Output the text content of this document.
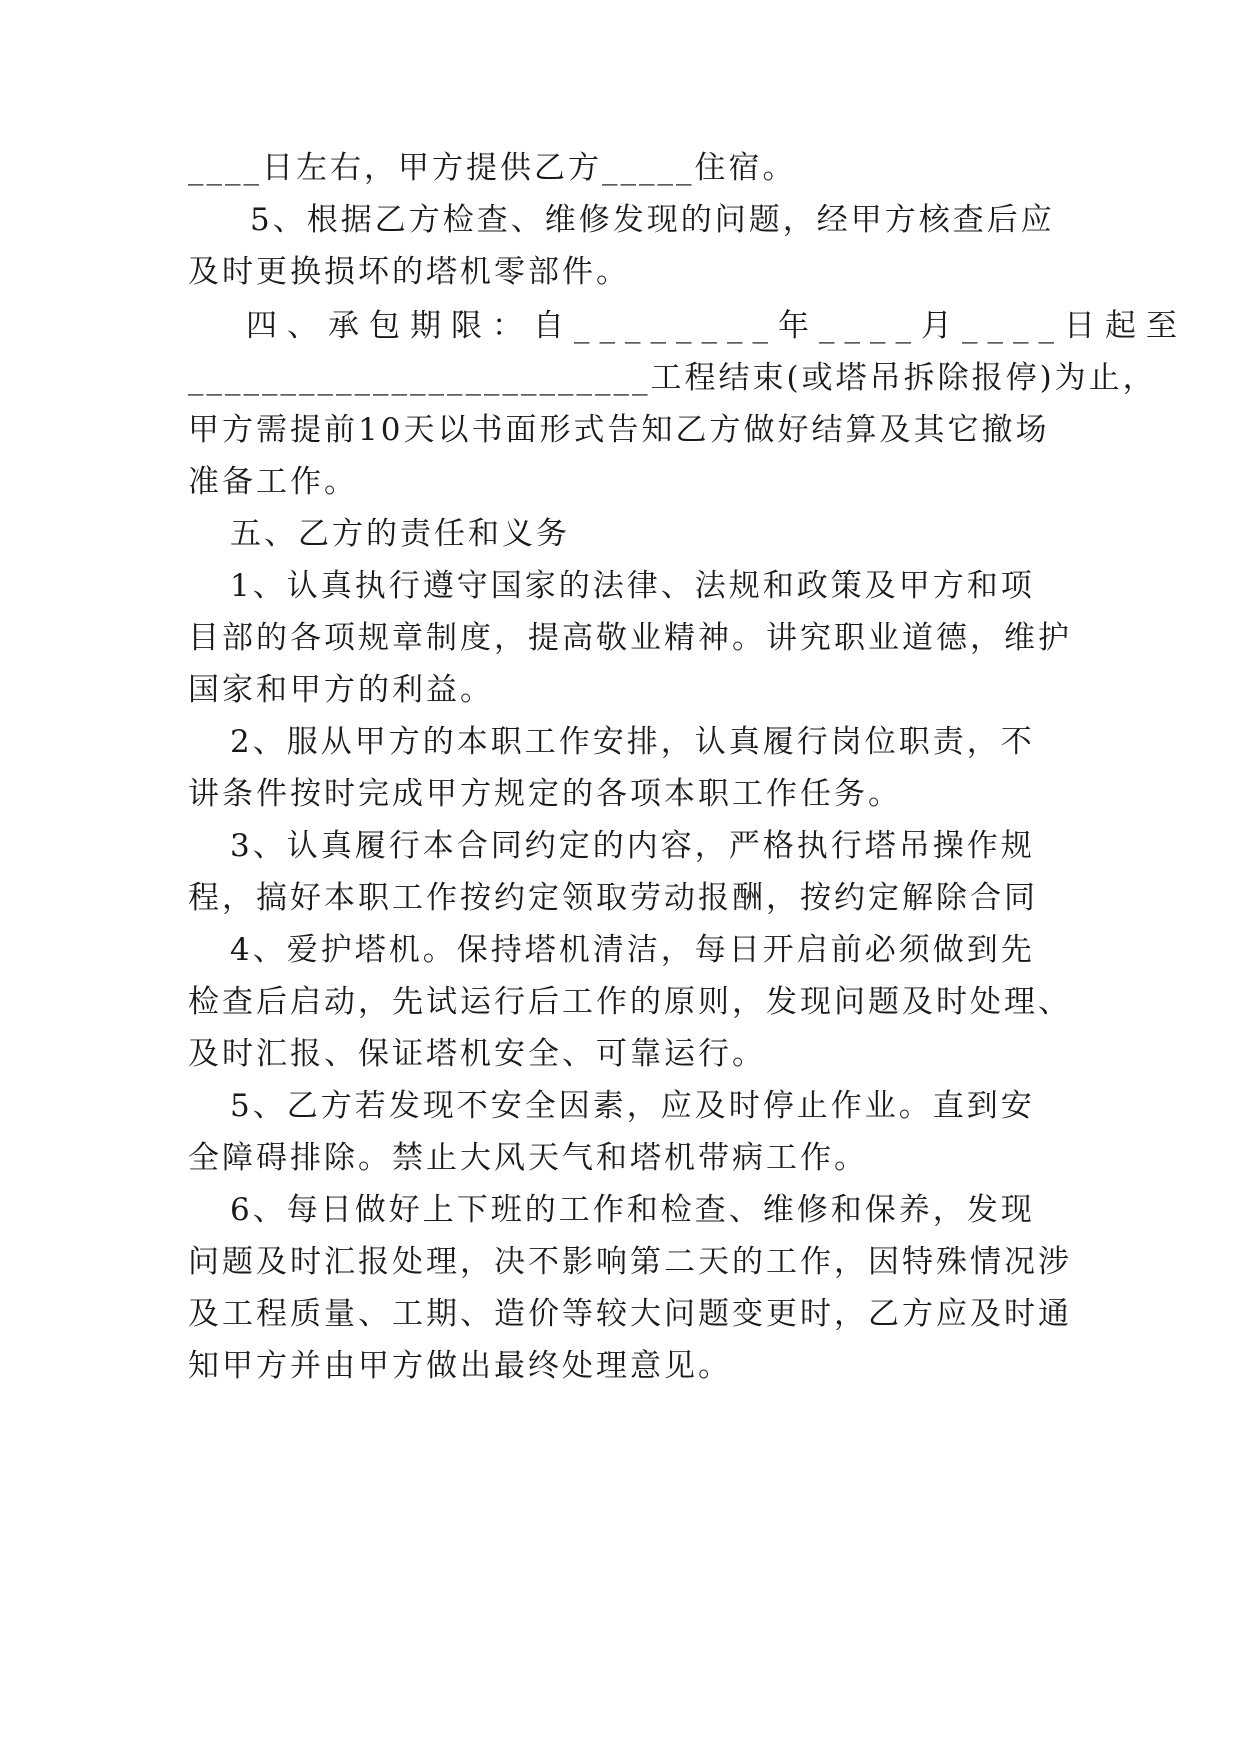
____日左右，甲方提供乙方_____住宿。
5、根据乙方检查、维修发现的问题，经甲方核查后应
及时更换损坏的塔机零部件。
四、承包期限：自________年____月____日起至
_________________________工程结束(或塔吊拆除报停)为止，
甲方需提前10天以书面形式告知乙方做好结算及其它撤场
准备工作。
五、乙方的责任和义务
1、认真执行遵守国家的法律、法规和政策及甲方和项
目部的各项规章制度，提高敬业精神。讲究职业道德，维护
国家和甲方的利益。
2、服从甲方的本职工作安排，认真履行岗位职责，不
讲条件按时完成甲方规定的各项本职工作任务。
3、认真履行本合同约定的内容，严格执行塔吊操作规
程，搞好本职工作按约定领取劳动报酬，按约定解除合同
4、爱护塔机。保持塔机清洁，每日开启前必须做到先
检查后启动，先试运行后工作的原则，发现问题及时处理、
及时汇报、保证塔机安全、可靠运行。
5、乙方若发现不安全因素，应及时停止作业。直到安
全障碍排除。禁止大风天气和塔机带病工作。
6、每日做好上下班的工作和检查、维修和保养，发现
问题及时汇报处理，决不影响第二天的工作，因特殊情况涉
及工程质量、工期、造价等较大问题变更时，乙方应及时通
知甲方并由甲方做出最终处理意见。
